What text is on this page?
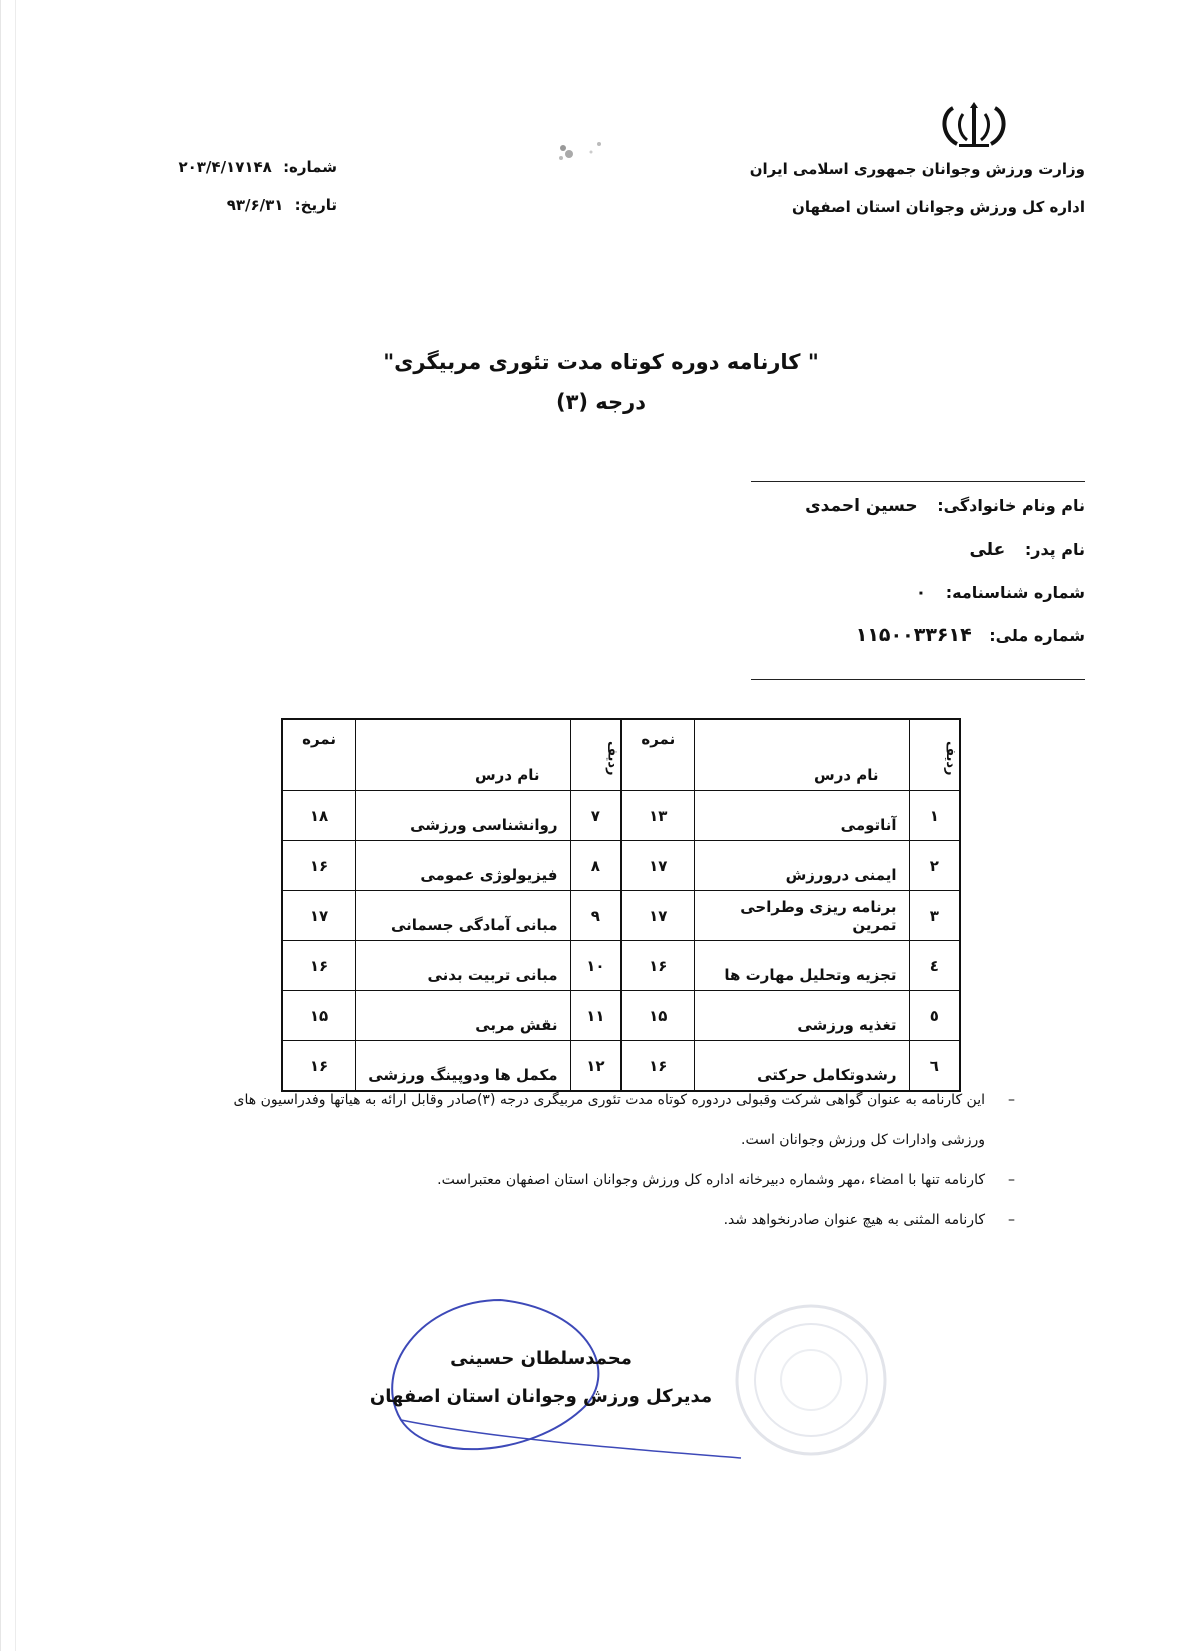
وزارت ورزش وجوانان جمهوری اسلامی ایران
اداره کل ورزش وجوانان استان اصفهان
شماره: ۲۰۳/۴/۱۷۱۴۸
تاریخ: ۹۳/۶/۳۱
" کارنامه دوره کوتاه مدت تئوری مربیگری"
درجه (۳)
نام ونام خانوادگی: حسین احمدی
نام پدر: علی
شماره شناسنامه: ۰
شماره ملی: ۱۱۵۰۰۳۳۶۱۴
ردیف	نام درس	نمره	ردیف	نام درس	نمره
۱	آناتومی	۱۳	۷	روانشناسی ورزشی	۱۸
۲	ایمنی درورزش	۱۷	۸	فیزیولوژی عمومی	۱۶
۳	برنامه ریزی وطراحی تمرین	۱۷	۹	مبانی آمادگی جسمانی	۱۷
٤	تجزیه وتحلیل مهارت ها	۱۶	۱۰	مبانی تربیت بدنی	۱۶
٥	تغذیه ورزشی	۱۵	۱۱	نقش مربی	۱۵
٦	رشدوتکامل حرکتی	۱۶	۱۲	مکمل ها ودوپینگ ورزشی	۱۶
– این کارنامه به عنوان گواهی شرکت وقبولی دردوره کوتاه مدت تئوری مربیگری درجه (۳)صادر وقابل ارائه به هیاتها وفدراسیون های ورزشی وادارات کل ورزش وجوانان است.
– کارنامه تنها با امضاء ،مهر وشماره دبیرخانه اداره کل ورزش وجوانان استان اصفهان معتبراست.
– کارنامه المثنی به هیچ عنوان صادرنخواهد شد.
محمدسلطان حسینی
مدیرکل ورزش وجوانان استان اصفهان
